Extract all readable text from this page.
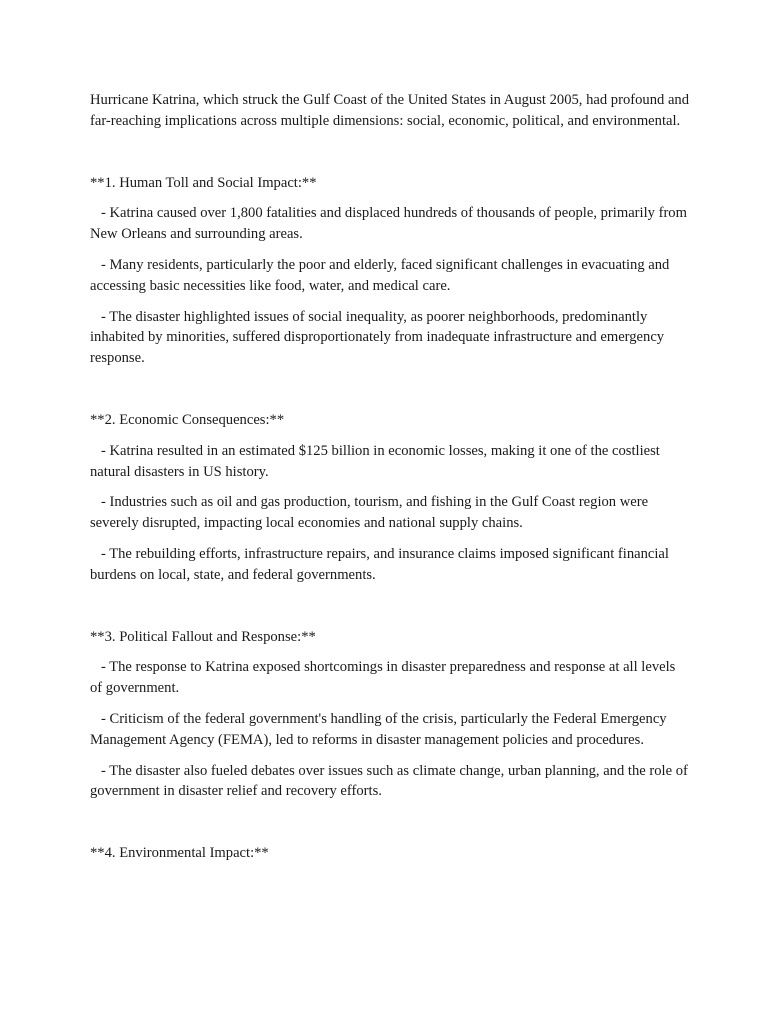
Hurricane Katrina, which struck the Gulf Coast of the United States in August 2005, had profound and far-reaching implications across multiple dimensions: social, economic, political, and environmental.

**1. Human Toll and Social Impact:**

- Katrina caused over 1,800 fatalities and displaced hundreds of thousands of people, primarily from New Orleans and surrounding areas.

- Many residents, particularly the poor and elderly, faced significant challenges in evacuating and accessing basic necessities like food, water, and medical care.

- The disaster highlighted issues of social inequality, as poorer neighborhoods, predominantly inhabited by minorities, suffered disproportionately from inadequate infrastructure and emergency response.

**2. Economic Consequences:**

- Katrina resulted in an estimated $125 billion in economic losses, making it one of the costliest natural disasters in US history.

- Industries such as oil and gas production, tourism, and fishing in the Gulf Coast region were severely disrupted, impacting local economies and national supply chains.

- The rebuilding efforts, infrastructure repairs, and insurance claims imposed significant financial burdens on local, state, and federal governments.

**3. Political Fallout and Response:**

- The response to Katrina exposed shortcomings in disaster preparedness and response at all levels of government.

- Criticism of the federal government's handling of the crisis, particularly the Federal Emergency Management Agency (FEMA), led to reforms in disaster management policies and procedures.

- The disaster also fueled debates over issues such as climate change, urban planning, and the role of government in disaster relief and recovery efforts.

**4. Environmental Impact:**
